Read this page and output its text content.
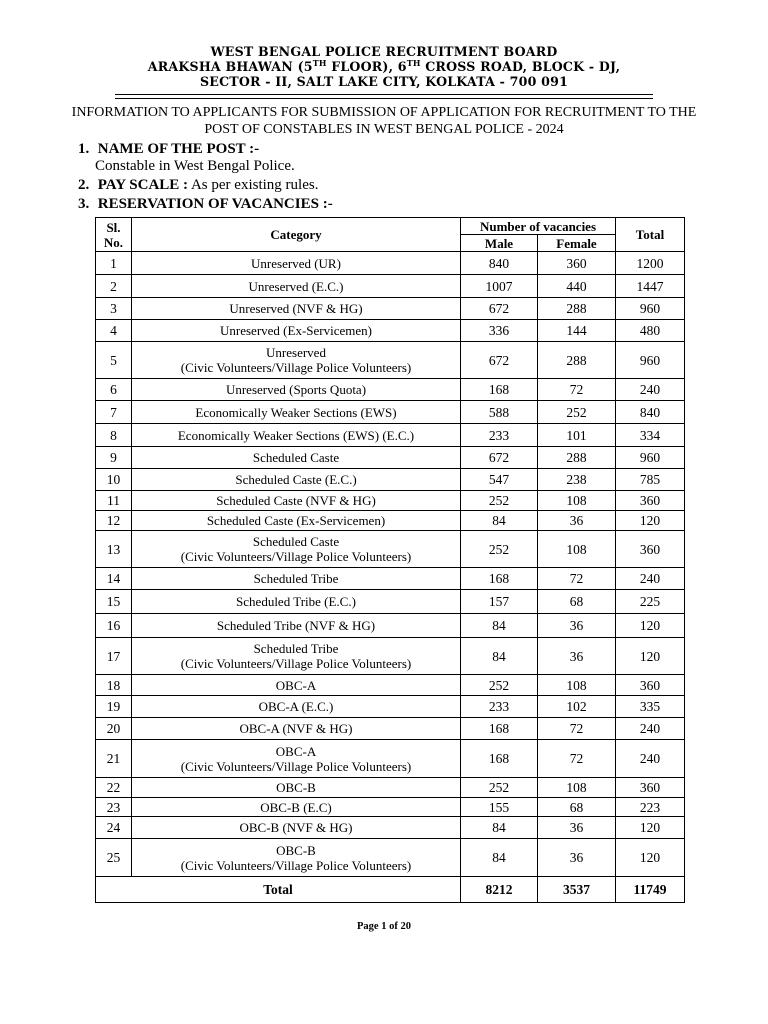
WEST BENGAL POLICE RECRUITMENT BOARD
ARAKSHA BHAWAN (5TH FLOOR), 6TH CROSS ROAD, BLOCK - DJ,
SECTOR - II, SALT LAKE CITY, KOLKATA - 700 091
INFORMATION TO APPLICANTS FOR SUBMISSION OF APPLICATION FOR RECRUITMENT TO THE
POST OF CONSTABLES IN WEST BENGAL POLICE - 2024
1. NAME OF THE POST :-
Constable in West Bengal Police.
2. PAY SCALE : As per existing rules.
3. RESERVATION OF VACANCIES :-
Sl.
No.	Category	Number of vacancies		Total
		Male	Female	
1	Unreserved (UR)	840	360	1200
2	Unreserved (E.C.)	1007	440	1447
3	Unreserved (NVF & HG)	672	288	960
4	Unreserved (Ex-Servicemen)	336	144	480
5	Unreserved
(Civic Volunteers/Village Police Volunteers)	672	288	960
6	Unreserved (Sports Quota)	168	72	240
7	Economically Weaker Sections (EWS)	588	252	840
8	Economically Weaker Sections (EWS) (E.C.)	233	101	334
9	Scheduled Caste	672	288	960
10	Scheduled Caste (E.C.)	547	238	785
11	Scheduled Caste (NVF & HG)	252	108	360
12	Scheduled Caste (Ex-Servicemen)	84	36	120
13	Scheduled Caste
(Civic Volunteers/Village Police Volunteers)	252	108	360
14	Scheduled Tribe	168	72	240
15	Scheduled Tribe (E.C.)	157	68	225
16	Scheduled Tribe (NVF & HG)	84	36	120
17	Scheduled Tribe
(Civic Volunteers/Village Police Volunteers)	84	36	120
18	OBC-A	252	108	360
19	OBC-A (E.C.)	233	102	335
20	OBC-A (NVF & HG)	168	72	240
21	OBC-A
(Civic Volunteers/Village Police Volunteers)	168	72	240
22	OBC-B	252	108	360
23	OBC-B (E.C)	155	68	223
24	OBC-B (NVF & HG)	84	36	120
25	OBC-B
(Civic Volunteers/Village Police Volunteers)	84	36	120
Total		8212	3537	11749
Page 1 of 20
